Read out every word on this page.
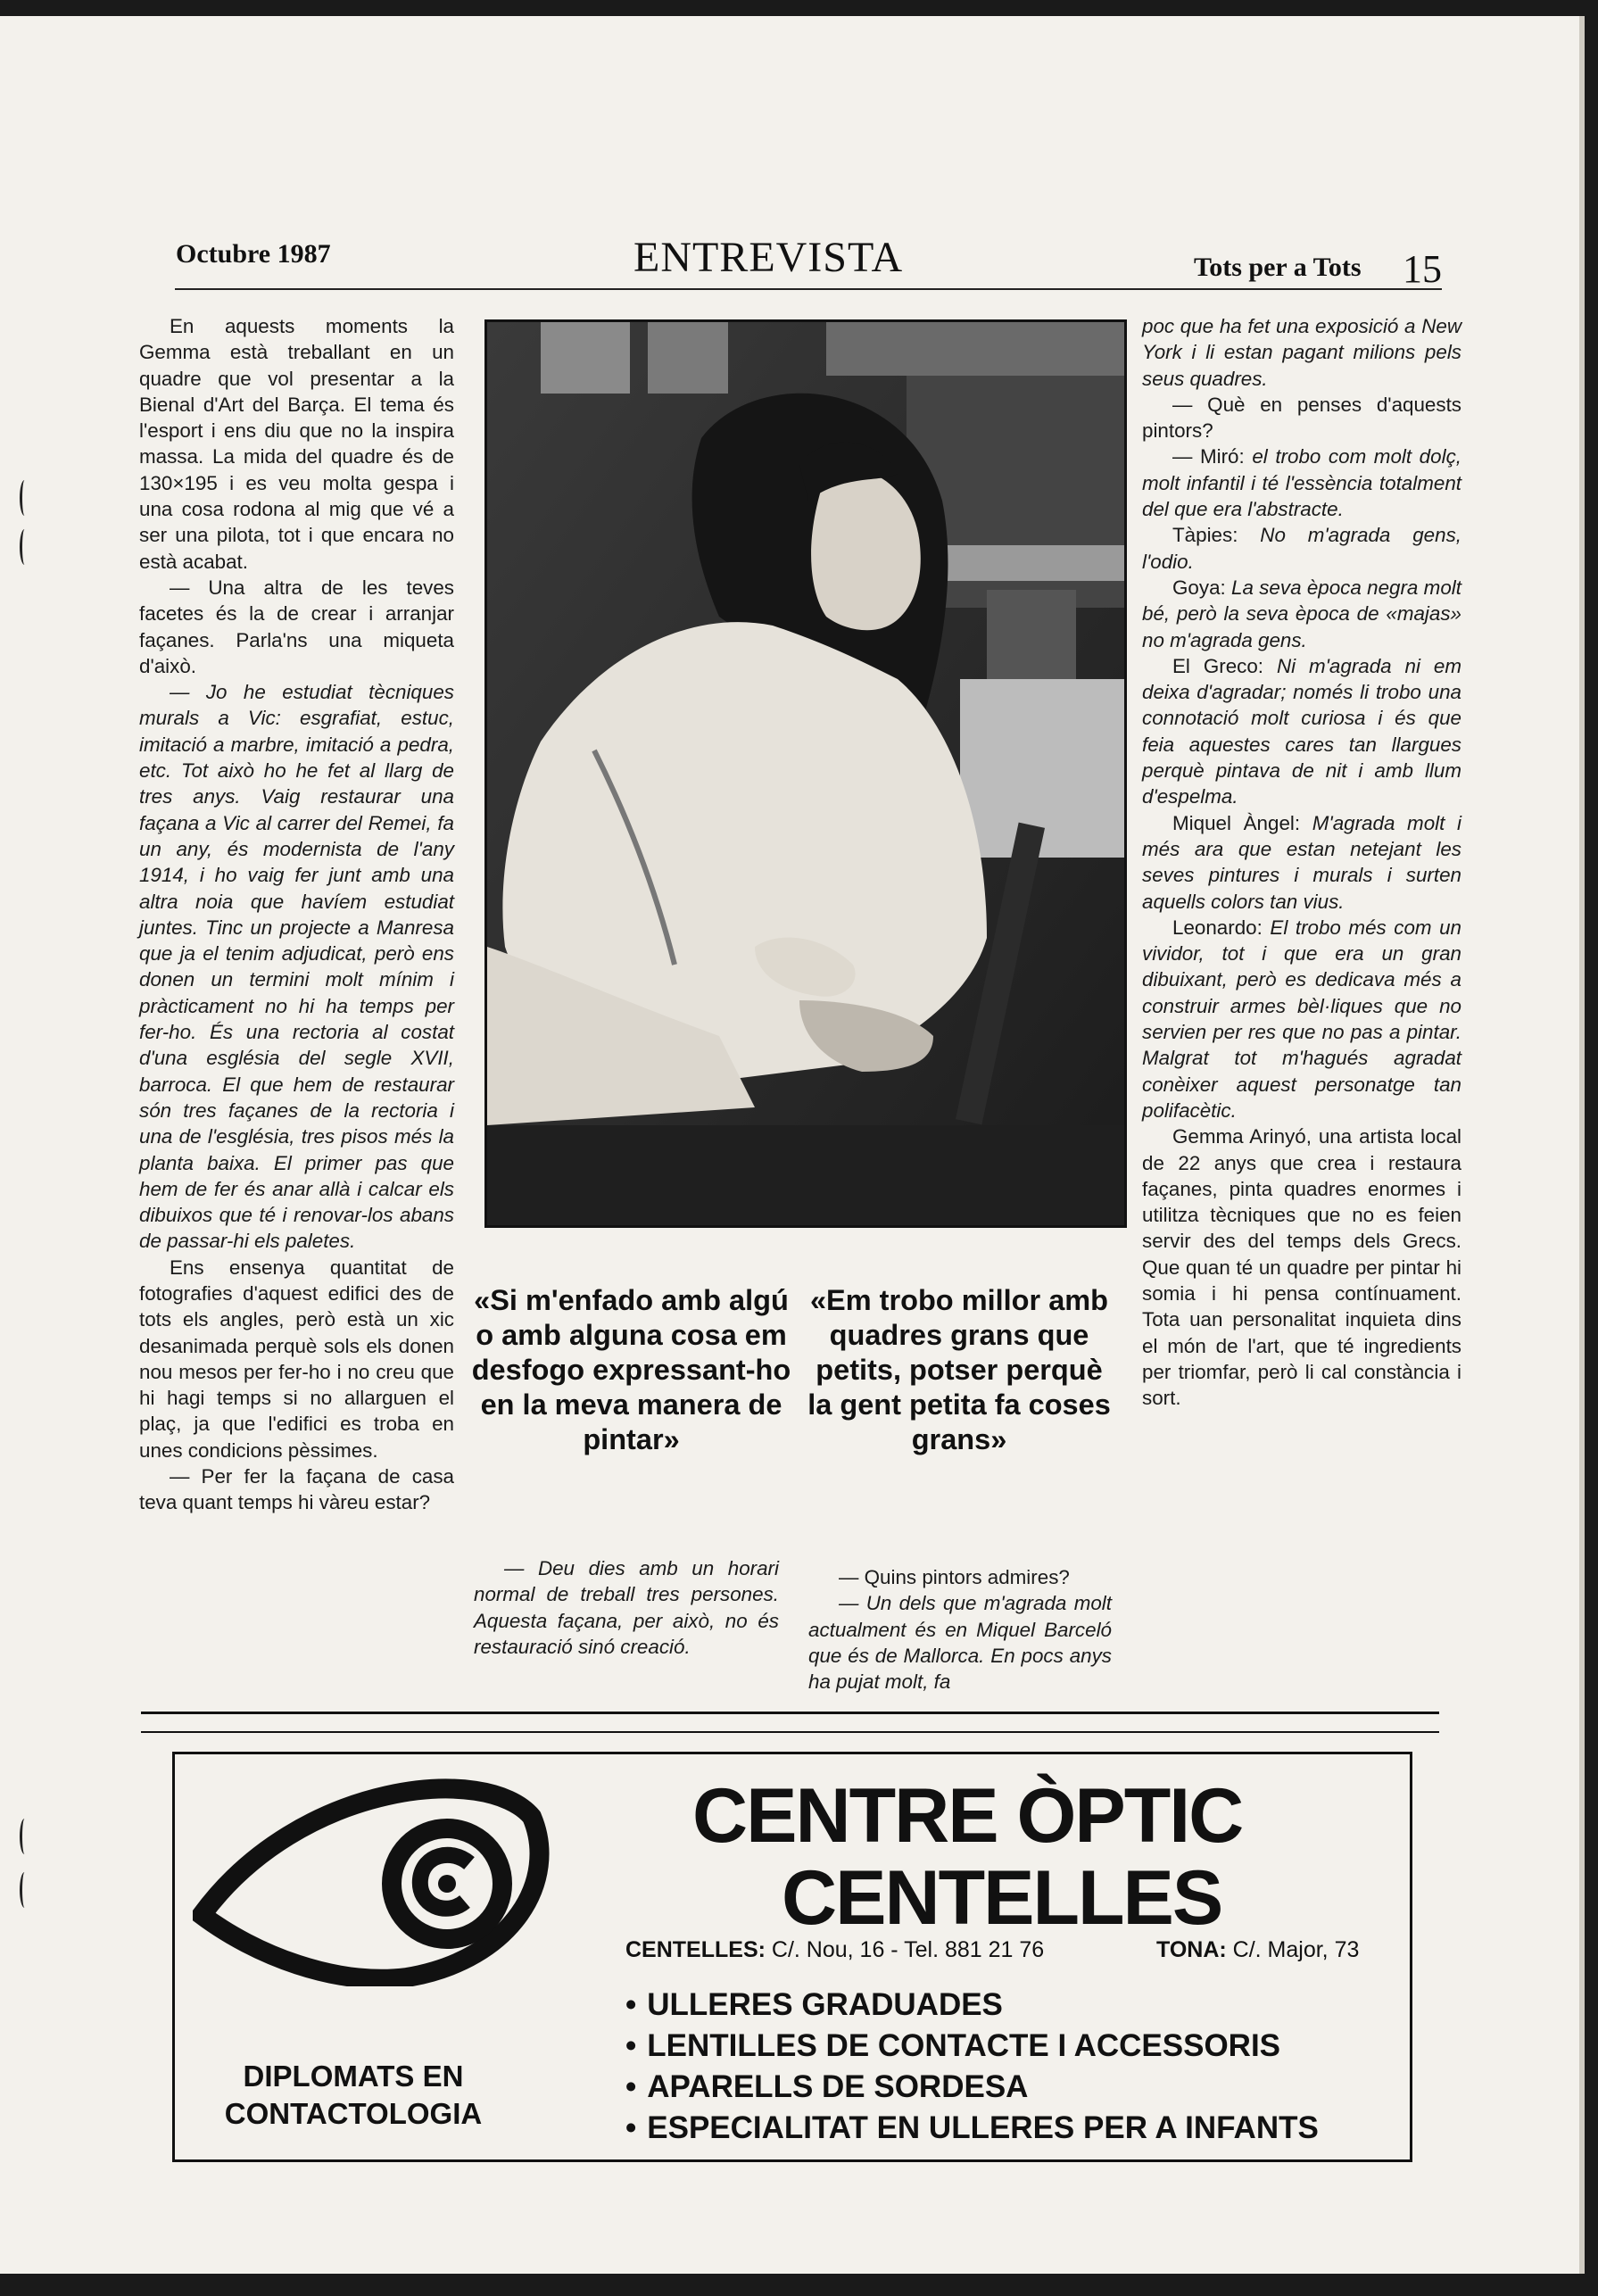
Octubre 1987	ENTREVISTA	Tots per a Tots 15

En aquests moments la Gemma està treballant en un quadre que vol presentar a la Bienal d'Art del Barça. El tema és l'esport i ens diu que no la inspira massa. La mida del quadre és de 130×195 i es veu molta gespa i una cosa rodona al mig que vé a ser una pilota, tot i que encara no està acabat.

— Una altra de les teves facetes és la de crear i arranjar façanes. Parla'ns una miqueta d'això.

— Jo he estudiat tècniques murals a Vic: esgrafiat, estuc, imitació a marbre, imitació a pedra, etc. Tot això ho he fet al llarg de tres anys. Vaig restaurar una façana a Vic al carrer del Remei, fa un any, és modernista de l'any 1914, i ho vaig fer junt amb una altra noia que havíem estudiat juntes. Tinc un projecte a Manresa que ja el tenim adjudicat, però ens donen un termini molt mínim i pràcticament no hi ha temps per fer-ho. És una rectoria al costat d'una església del segle XVII, barroca. El que hem de restaurar són tres façanes de la rectoria i una de l'església, tres pisos més la planta baixa. El primer pas que hem de fer és anar allà i calcar els dibuixos que té i renovar-los abans de passar-hi els paletes.

Ens ensenya quantitat de fotografies d'aquest edifici des de tots els angles, però està un xic desanimada perquè sols els donen nou mesos per fer-ho i no creu que hi hagi temps si no allarguen el plaç, ja que l'edifici es troba en unes condicions pèssimes.

— Per fer la façana de casa teva quant temps hi vàreu estar?

«Si m'enfado amb algú o amb alguna cosa em desfogo expressant-ho en la meva manera de pintar»
«Em trobo millor amb quadres grans que petits, potser perquè la gent petita fa coses grans»

— Deu dies amb un horari normal de treball tres persones. Aquesta façana, per això, no és restauració sinó creació.

— Quins pintors admires?

— Un dels que m'agrada molt actualment és en Miquel Barceló que és de Mallorca. En pocs anys ha pujat molt, fa

poc que ha fet una exposició a New York i li estan pagant milions pels seus quadres.

— Què en penses d'aquests pintors?

— Miró: el trobo com molt dolç, molt infantil i té l'essència totalment del que era l'abstracte.

Tàpies: No m'agrada gens, l'odio.

Goya: La seva època negra molt bé, però la seva època de «majas» no m'agrada gens.

El Greco: Ni m'agrada ni em deixa d'agradar; només li trobo una connotació molt curiosa i és que feia aquestes cares tan llargues perquè pintava de nit i amb llum d'espelma.

Miquel Àngel: M'agrada molt i més ara que estan netejant les seves pintures i murals i surten aquells colors tan vius.

Leonardo: El trobo més com un vividor, tot i que era un gran dibuixant, però es dedicava més a construir armes bèl·liques que no servien per res que no pas a pintar. Malgrat tot m'hagués agradat conèixer aquest personatge tan polifacètic.

Gemma Arinyó, una artista local de 22 anys que crea i restaura façanes, pinta quadres enormes i utilitza tècniques que no es feien servir des del temps dels Grecs. Que quan té un quadre per pintar hi somia i hi pensa contínuament. Tota uan personalitat inquieta dins el món de l'art, que té ingredients per triomfar, però li cal constància i sort.

DIPLOMATS EN
CONTACTOLOGIA
CENTRE ÒPTIC
CENTELLES
CENTELLES: C/. Nou, 16 - Tel. 881 21 76	TONA: C/. Major, 73
• ULLERES GRADUADES
• LENTILLES DE CONTACTE I ACCESSORIS
• APARELLS DE SORDESA
• ESPECIALITAT EN ULLERES PER A INFANTS
